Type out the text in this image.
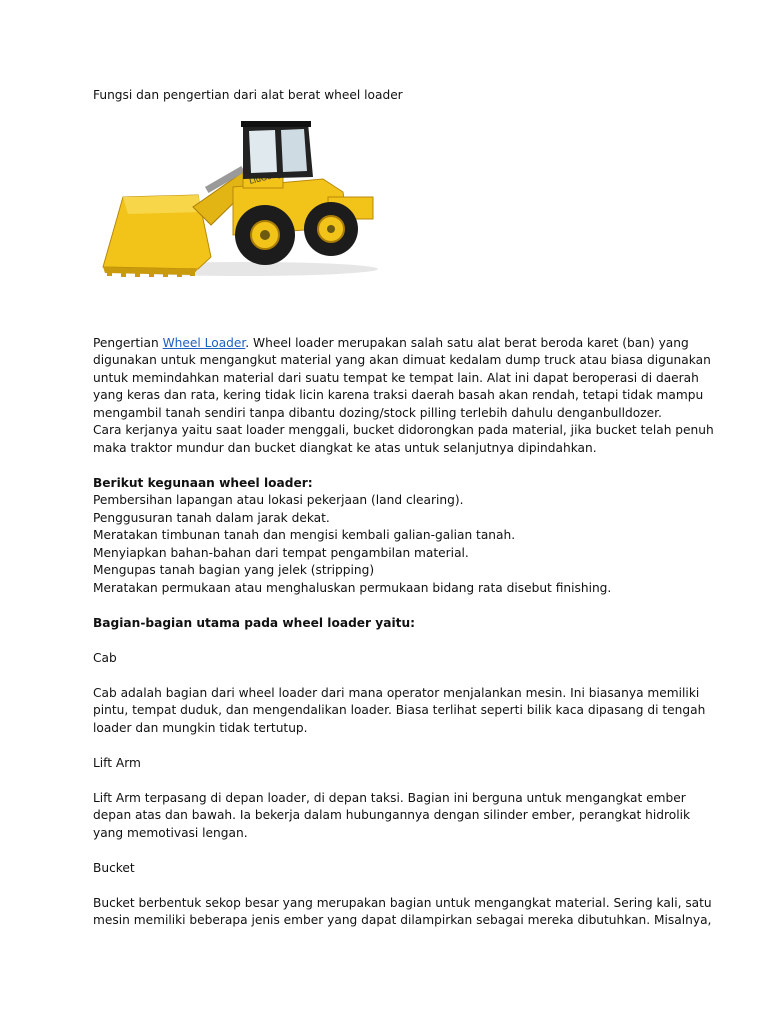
Fungsi dan pengertian dari alat berat wheel loader
Pengertian Wheel Loader. Wheel loader merupakan salah satu alat berat beroda karet (ban) yang
digunakan untuk mengangkut material yang akan dimuat kedalam dump truck atau biasa digunakan
untuk memindahkan material dari suatu tempat ke tempat lain. Alat ini dapat beroperasi di daerah
yang keras dan rata, kering tidak licin karena traksi daerah basah akan rendah, tetapi tidak mampu
mengambil tanah sendiri tanpa dibantu dozing/stock pilling terlebih dahulu denganbulldozer.
Cara kerjanya yaitu saat loader menggali, bucket didorongkan pada material, jika bucket telah penuh
maka traktor mundur dan bucket diangkat ke atas untuk selanjutnya dipindahkan.
Berikut kegunaan wheel loader:
Pembersihan lapangan atau lokasi pekerjaan (land clearing).
Penggusuran tanah dalam jarak dekat.
Meratakan timbunan tanah dan mengisi kembali galian-galian tanah.
Menyiapkan bahan-bahan dari tempat pengambilan material.
Mengupas tanah bagian yang jelek (stripping)
Meratakan permukaan atau menghaluskan permukaan bidang rata disebut finishing.
Bagian-bagian utama pada wheel loader yaitu:
Cab
Cab adalah bagian dari wheel loader dari mana operator menjalankan mesin. Ini biasanya memiliki
pintu, tempat duduk, dan mengendalikan loader. Biasa terlihat seperti bilik kaca dipasang di tengah
loader dan mungkin tidak tertutup.
Lift Arm
Lift Arm terpasang di depan loader, di depan taksi. Bagian ini berguna untuk mengangkat ember
depan atas dan bawah. Ia bekerja dalam hubungannya dengan silinder ember, perangkat hidrolik
yang memotivasi lengan.
Bucket
Bucket berbentuk sekop besar yang merupakan bagian untuk mengangkat material. Sering kali, satu
mesin memiliki beberapa jenis ember yang dapat dilampirkan sebagai mereka dibutuhkan. Misalnya,
